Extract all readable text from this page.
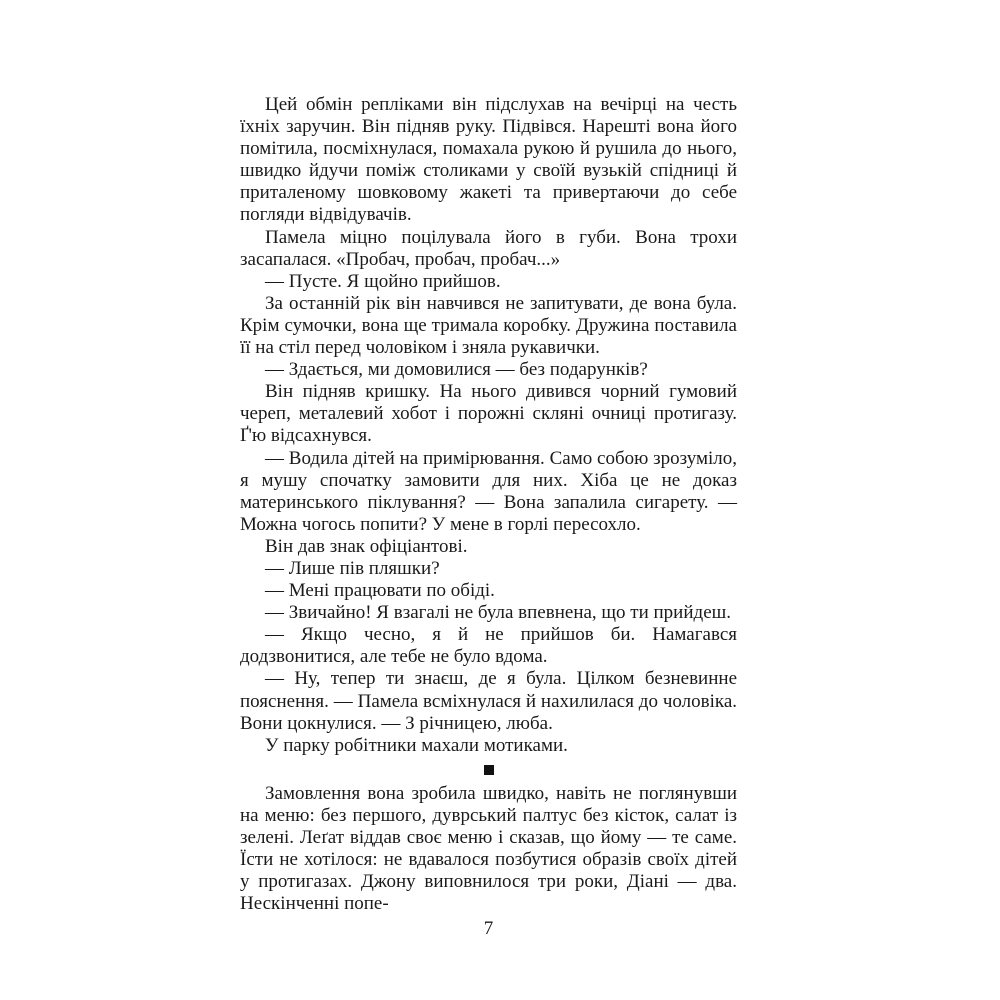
Цей обмін репліками він підслухав на вечірці на честь їхніх заручин. Він підняв руку. Підвівся. Нарешті вона його помітила, посміхнулася, помахала рукою й рушила до нього, швидко йдучи поміж столиками у своїй вузькій спідниці й приталеному шовковому жакеті та привертаючи до себе погляди відвідувачів.

Памела міцно поцілувала його в губи. Вона трохи засапалася. «Пробач, пробач, пробач...»

— Пусте. Я щойно прийшов.

За останній рік він навчився не запитувати, де вона була. Крім сумочки, вона ще тримала коробку. Дружина поставила її на стіл перед чоловіком і зняла рукавички.

— Здається, ми домовилися — без подарунків?

Він підняв кришку. На нього дивився чорний гумовий череп, металевий хобот і порожні скляні очниці протигазу. Ґ'ю відсахнувся.

— Водила дітей на примірювання. Само собою зрозуміло, я мушу спочатку замовити для них. Хіба це не доказ материнського піклування? — Вона запалила сигарету. — Можна чогось попити? У мене в горлі пересохло.

Він дав знак офіціантові.

— Лише пів пляшки?

— Мені працювати по обіді.

— Звичайно! Я взагалі не була впевнена, що ти прийдеш.

— Якщо чесно, я й не прийшов би. Намагався додзвонитися, але тебе не було вдома.

— Ну, тепер ти знаєш, де я була. Цілком безневинне пояснення. — Памела всміхнулася й нахилилася до чоловіка. Вони цокнулися. — З річницею, люба.

У парку робітники махали мотиками.

Замовлення вона зробила швидко, навіть не поглянувши на меню: без першого, дуврський палтус без кісток, салат із зелені. Леґат віддав своє меню і сказав, що йому — те саме. Їсти не хотілося: не вдавалося позбутися образів своїх дітей у протигазах. Джону виповнилося три роки, Діані — два. Нескінченні попе-

7
